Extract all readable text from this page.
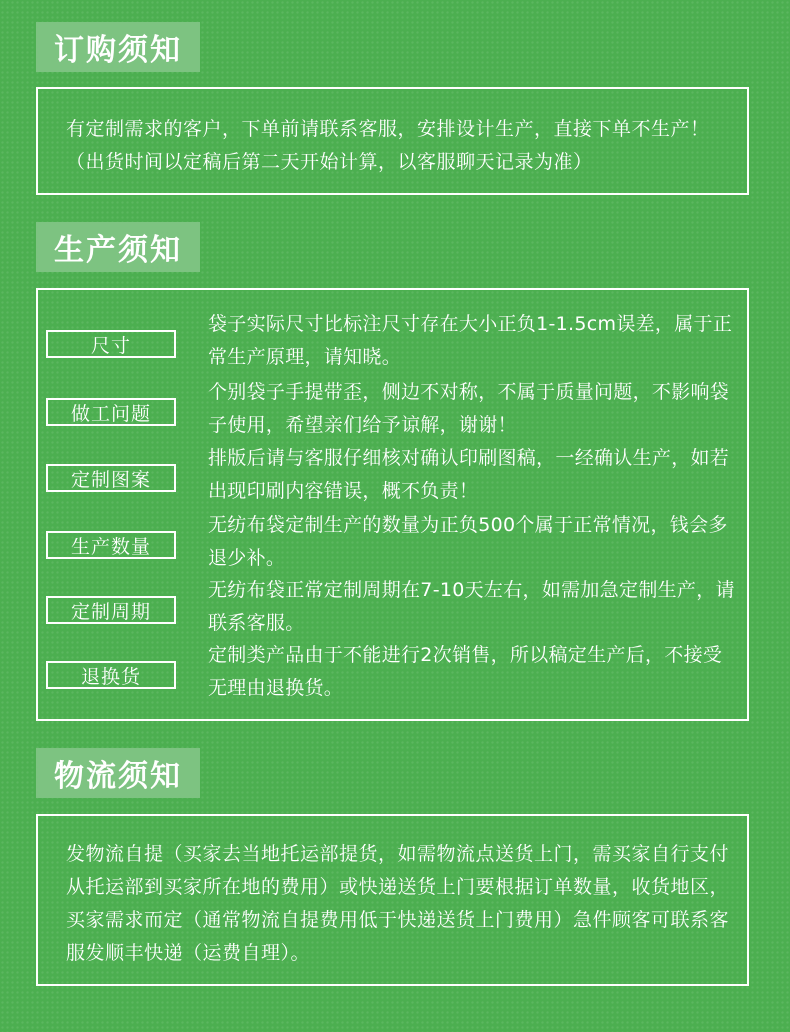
订购须知
有定制需求的客户，下单前请联系客服，安排设计生产，直接下单不生产！（出货时间以定稿后第二天开始计算，以客服聊天记录为准）
生产须知
尺寸
袋子实际尺寸比标注尺寸存在大小正负1-1.5cm误差，属于正常生产原理，请知晓。
做工问题
个别袋子手提带歪，侧边不对称，不属于质量问题，不影响袋子使用，希望亲们给予谅解，谢谢！
定制图案
排版后请与客服仔细核对确认印刷图稿，一经确认生产，如若出现印刷内容错误，概不负责！
生产数量
无纺布袋定制生产的数量为正负500个属于正常情况，钱会多退少补。
定制周期
无纺布袋正常定制周期在7-10天左右，如需加急定制生产，请联系客服。
退换货
定制类产品由于不能进行2次销售，所以稿定生产后，不接受无理由退换货。
物流须知
发物流自提（买家去当地托运部提货，如需物流点送货上门，需买家自行支付从托运部到买家所在地的费用）或快递送货上门要根据订单数量，收货地区，买家需求而定（通常物流自提费用低于快递送货上门费用）急件顾客可联系客服发顺丰快递（运费自理）。
